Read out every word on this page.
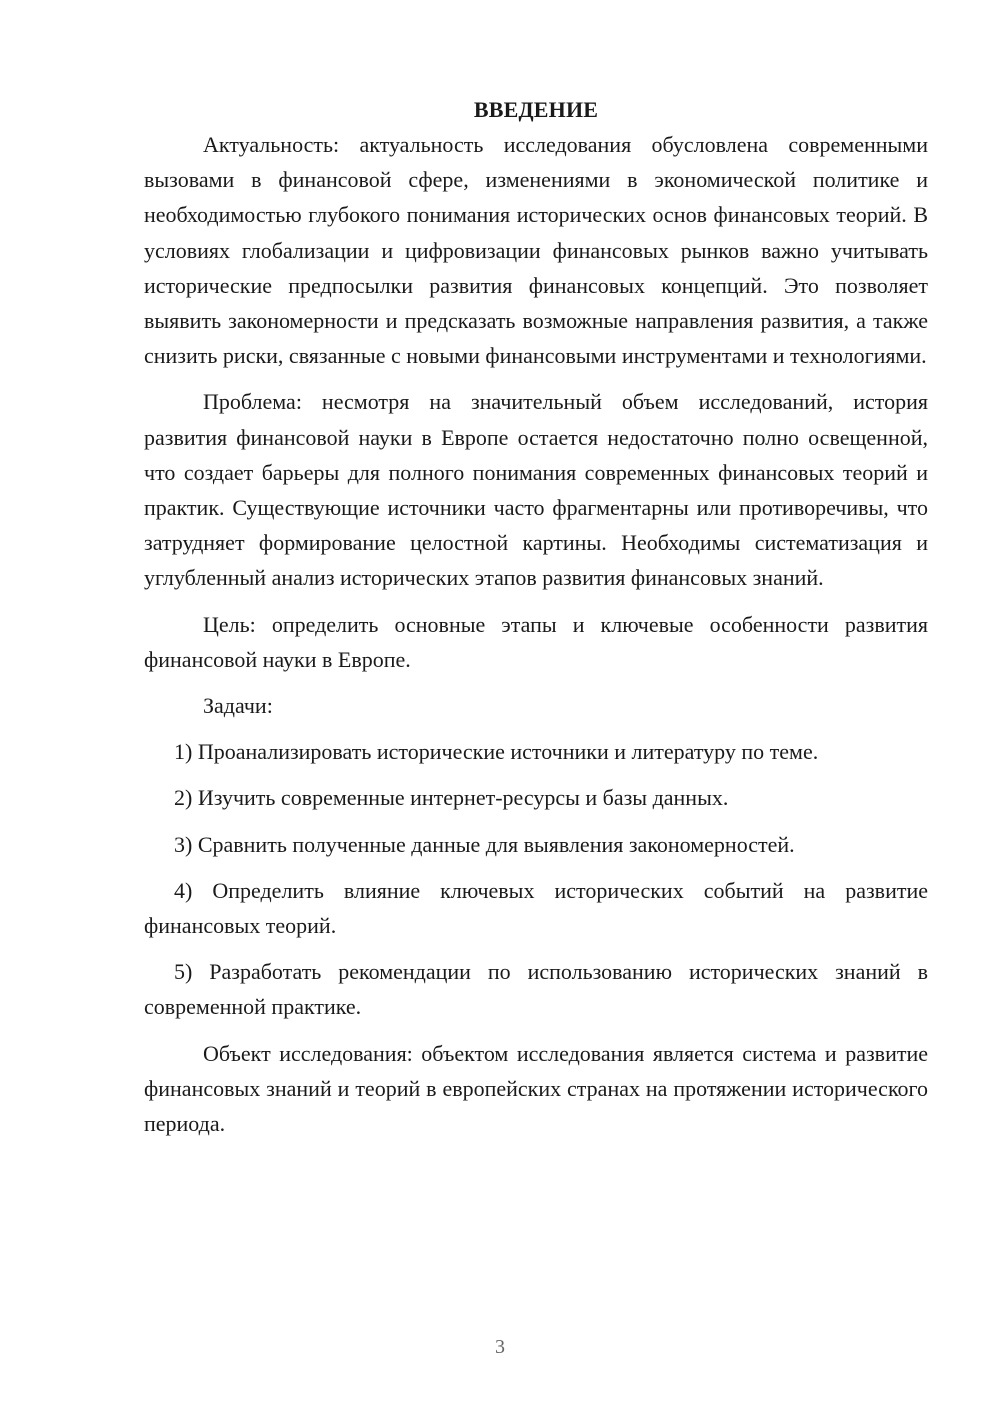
ВВЕДЕНИЕ

Актуальность: актуальность исследования обусловлена современными вызовами в финансовой сфере, изменениями в экономической политике и необходимостью глубокого понимания исторических основ финансовых теорий. В условиях глобализации и цифровизации финансовых рынков важно учитывать исторические предпосылки развития финансовых концепций. Это позволяет выявить закономерности и предсказать возможные направления развития, а также снизить риски, связанные с новыми финансовыми инструментами и технологиями.

Проблема: несмотря на значительный объем исследований, история развития финансовой науки в Европе остается недостаточно полно освещенной, что создает барьеры для полного понимания современных финансовых теорий и практик. Существующие источники часто фрагментарны или противоречивы, что затрудняет формирование целостной картины. Необходимы систематизация и углубленный анализ исторических этапов развития финансовых знаний.

Цель: определить основные этапы и ключевые особенности развития финансовой науки в Европе.

Задачи:

1) Проанализировать исторические источники и литературу по теме.

2) Изучить современные интернет-ресурсы и базы данных.

3) Сравнить полученные данные для выявления закономерностей.

4) Определить влияние ключевых исторических событий на развитие финансовых теорий.

5) Разработать рекомендации по использованию исторических знаний в современной практике.

Объект исследования: объектом исследования является система и развитие финансовых знаний и теорий в европейских странах на протяжении исторического периода.

3
